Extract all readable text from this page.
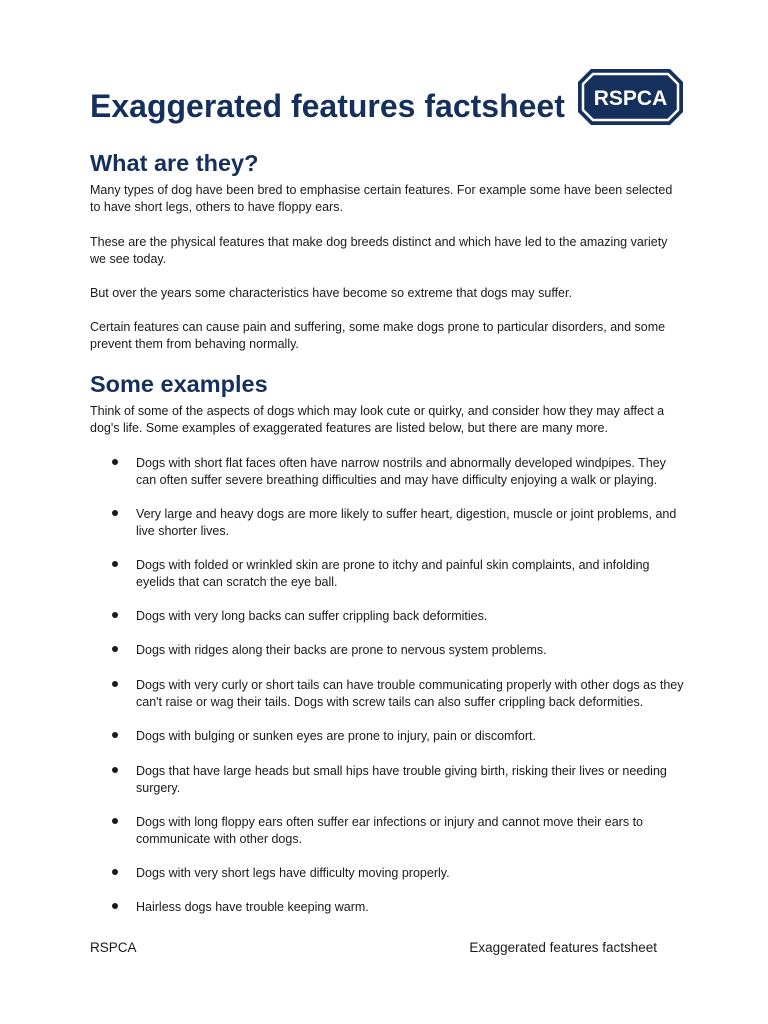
RSPCA
Exaggerated features factsheet
What are they?

Many types of dog have been bred to emphasise certain features. For example some have been selected to have short legs, others to have floppy ears.

These are the physical features that make dog breeds distinct and which have led to the amazing variety we see today.

But over the years some characteristics have become so extreme that dogs may suffer.

Certain features can cause pain and suffering, some make dogs prone to particular disorders, and some prevent them from behaving normally.

Some examples

Think of some of the aspects of dogs which may look cute or quirky, and consider how they may affect a dog's life. Some examples of exaggerated features are listed below, but there are many more.

Dogs with short flat faces often have narrow nostrils and abnormally developed windpipes. They can often suffer severe breathing difficulties and may have difficulty enjoying a walk or playing.

Very large and heavy dogs are more likely to suffer heart, digestion, muscle or joint problems, and live shorter lives.

Dogs with folded or wrinkled skin are prone to itchy and painful skin complaints, and infolding eyelids that can scratch the eye ball.

Dogs with very long backs can suffer crippling back deformities.

Dogs with ridges along their backs are prone to nervous system problems.

Dogs with very curly or short tails can have trouble communicating properly with other dogs as they can't raise or wag their tails. Dogs with screw tails can also suffer crippling back deformities.

Dogs with bulging or sunken eyes are prone to injury, pain or discomfort.

Dogs that have large heads but small hips have trouble giving birth, risking their lives or needing surgery.

Dogs with long floppy ears often suffer ear infections or injury and cannot move their ears to communicate with other dogs.

Dogs with very short legs have difficulty moving properly.

Hairless dogs have trouble keeping warm.

RSPCA	Exaggerated features factsheet
